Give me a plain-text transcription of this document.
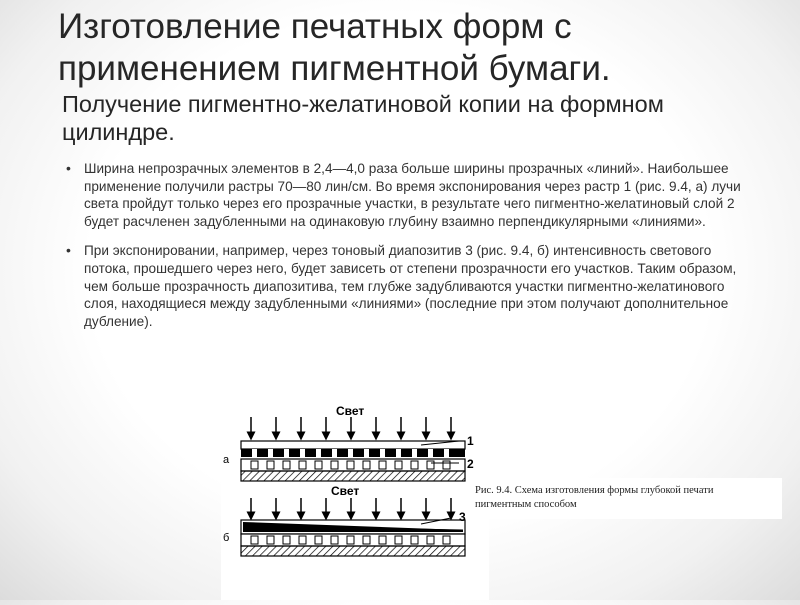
Изготовление печатных форм с применением пигментной бумаги.
Получение пигментно-желатиновой копии на формном цилиндре.
• Ширина непрозрачных элементов в 2,4—4,0 раза больше ширины прозрачных «линий». Наибольшее применение получили растры 70—80 лин/см. Во время экспонирования через растр 1 (рис. 9.4, а) лучи света пройдут только через его прозрачные участки, в результате чего пигментно-желатиновый слой 2 будет расчленен задубленными на одинаковую глубину взаимно перпендикулярными «линиями».
• При экспонировании, например, через тоновый диапозитив 3 (рис. 9.4, б) интенсивность светового потока, прошедшего через него, будет зависеть от степени прозрачности его участков. Таким образом, чем больше прозрачность диапозитива, тем глубже задубливаются участки пигментно-желатинового слоя, находящиеся между задубленными «линиями» (последние при этом получают дополнительное дубление).
Свет
1
2
а
Свет
3
б
Рис. 9.4. Схема изготовления формы глубокой печати
пигментным способом
